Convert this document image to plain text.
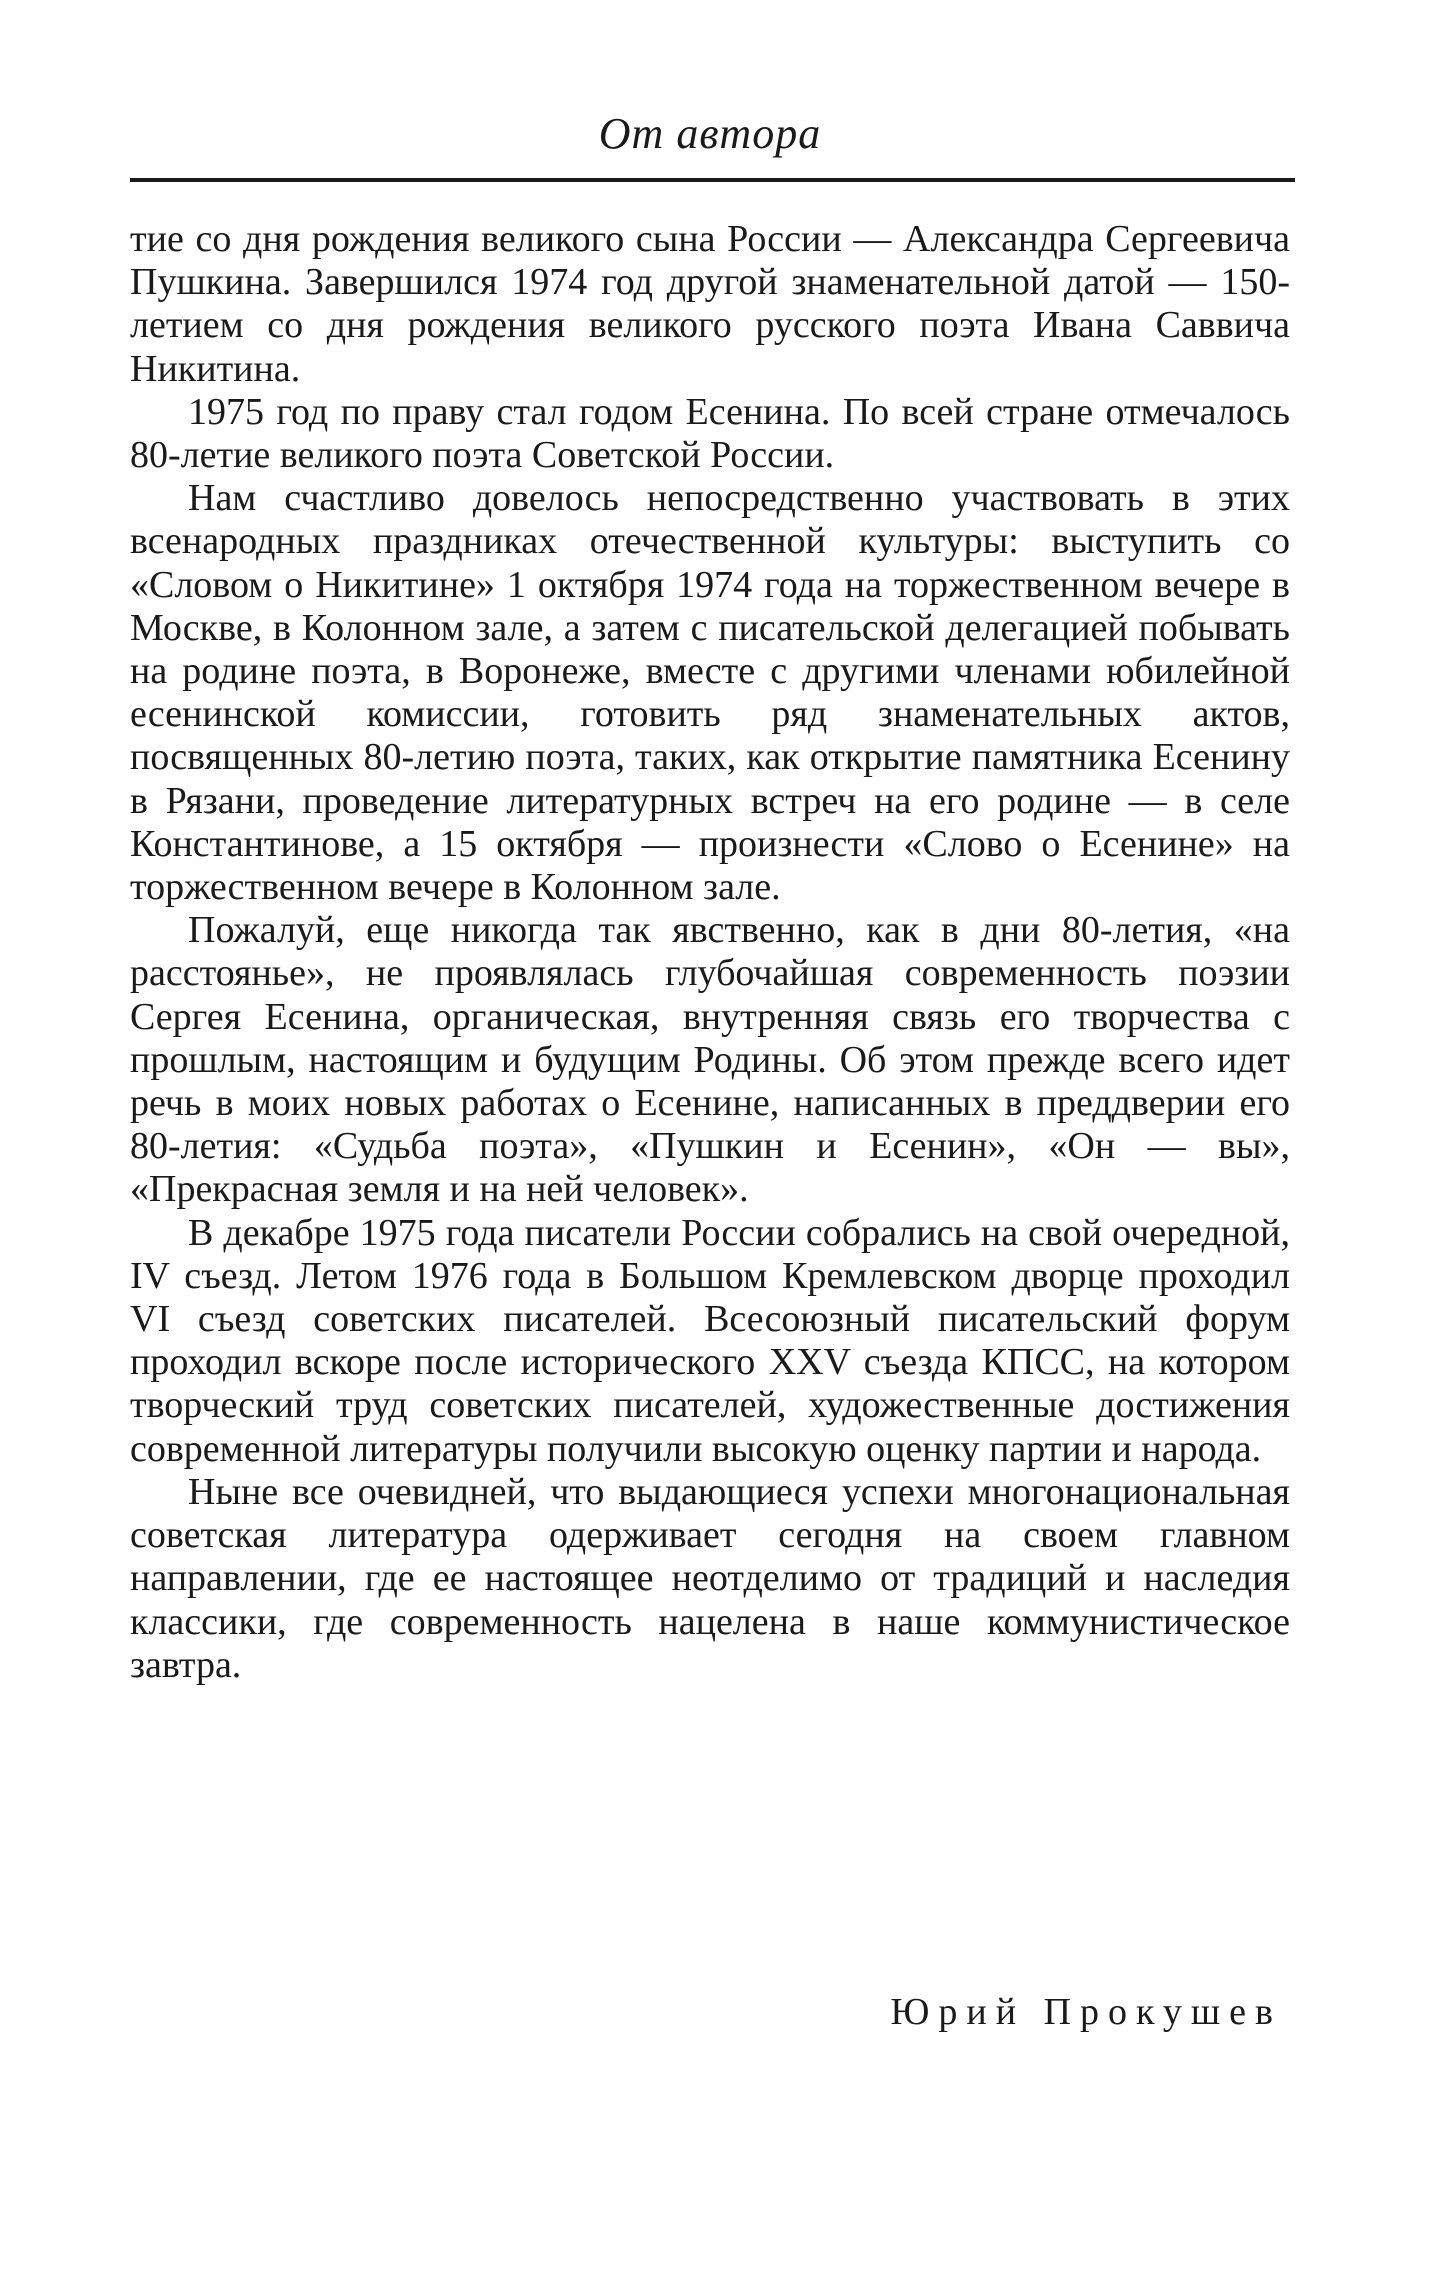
От автора

тие со дня рождения великого сына России — Александра Сергеевича Пушкина. Завершился 1974 год другой знаменательной датой — 150-летием со дня рождения великого русского поэта Ивана Саввича Никитина.

1975 год по праву стал годом Есенина. По всей стране отмечалось 80-летие великого поэта Советской России.

Нам счастливо довелось непосредственно участвовать в этих всенародных праздниках отечественной культуры: выступить со «Словом о Никитине» 1 октября 1974 года на торжественном вечере в Москве, в Колонном зале, а затем с писательской делегацией побывать на родине поэта, в Воронеже, вместе с другими членами юбилейной есенинской комиссии, готовить ряд знаменательных актов, посвященных 80-летию поэта, таких, как открытие памятника Есенину в Рязани, проведение литературных встреч на его родине — в селе Константинове, а 15 октября — произнести «Слово о Есенине» на торжественном вечере в Колонном зале.

Пожалуй, еще никогда так явственно, как в дни 80-летия, «на расстоянье», не проявлялась глубочайшая современность поэзии Сергея Есенина, органическая, внутренняя связь его творчества с прошлым, настоящим и будущим Родины. Об этом прежде всего идет речь в моих новых работах о Есенине, написанных в преддверии его 80-летия: «Судьба поэта», «Пушкин и Есенин», «Он — вы», «Прекрасная земля и на ней человек».

В декабре 1975 года писатели России собрались на свой очередной, IV съезд. Летом 1976 года в Большом Кремлевском дворце проходил VI съезд советских писателей. Всесоюзный писательский форум проходил вскоре после исторического XXV съезда КПСС, на котором творческий труд советских писателей, художественные достижения современной литературы получили высокую оценку партии и народа.

Ныне все очевидней, что выдающиеся успехи многонациональная советская литература одерживает сегодня на своем главном направлении, где ее настоящее неотделимо от традиций и наследия классики, где современность нацелена в наше коммунистическое завтра.

Юрий Прокушев
